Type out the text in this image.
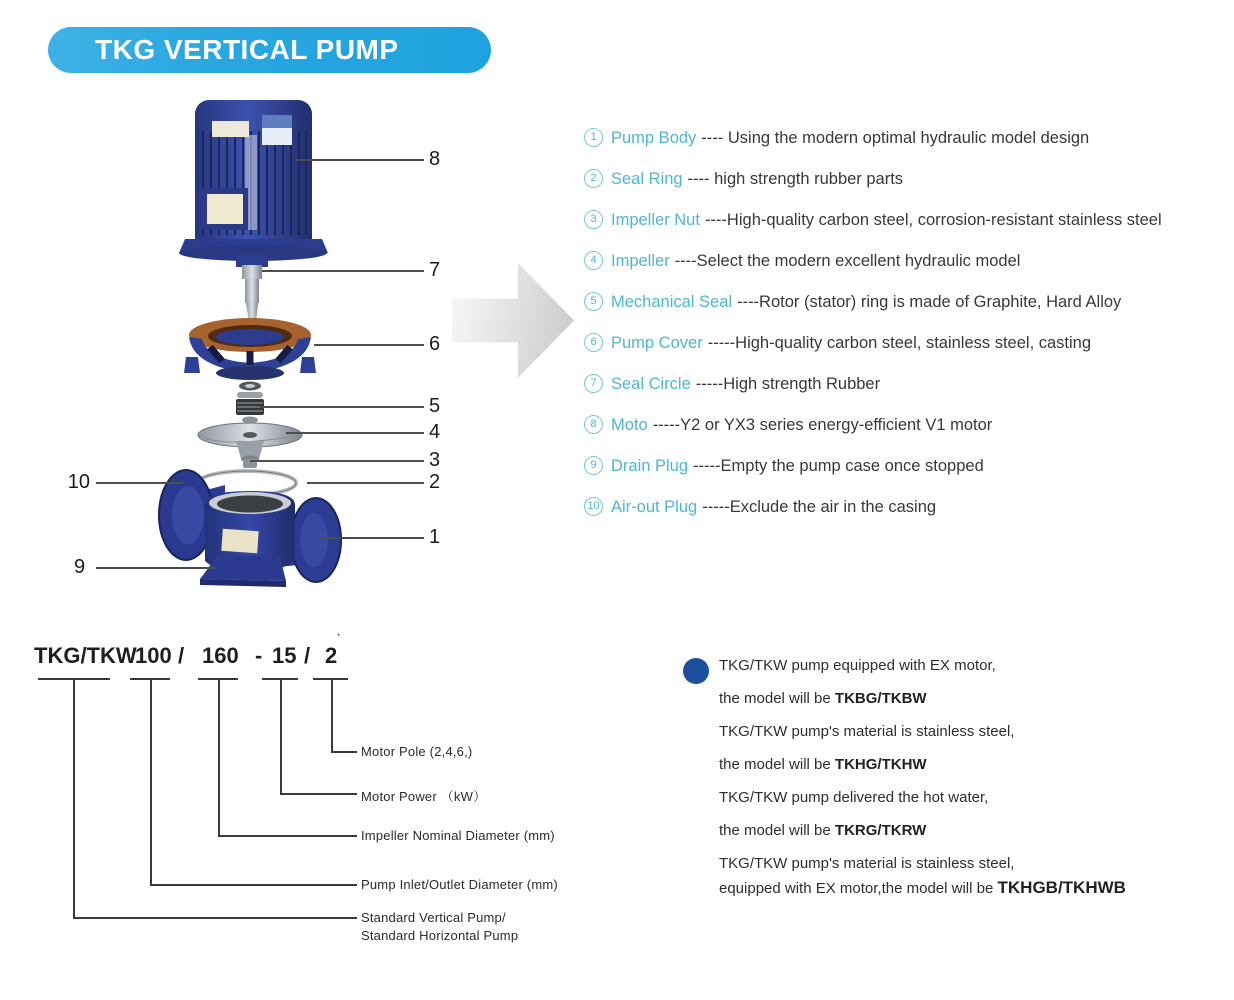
TKG VERTICAL PUMP
8
7
6
5
4
3
2
1
10
9
1 Pump Body ---- Using the modern optimal hydraulic model design
2 Seal Ring ---- high strength rubber parts
3 Impeller Nut ----High-quality carbon steel, corrosion-resistant stainless steel
4 Impeller ----Select the modern excellent hydraulic model
5 Mechanical Seal ----Rotor (stator) ring is made of Graphite, Hard Alloy
6 Pump Cover -----High-quality carbon steel, stainless steel, casting
7 Seal Circle -----High strength Rubber
8 Moto -----Y2 or YX3 series energy-efficient V1 motor
9 Drain Plug -----Empty the pump case once stopped
10 Air-out Plug -----Exclude the air in the casing
TKG/TKW
100 / 160 - 15 / 2
·
Motor Pole (2,4,6,)
Motor Power （kW）
Impeller Nominal Diameter (mm)
Pump Inlet/Outlet Diameter (mm)
Standard Vertical Pump/
Standard Horizontal Pump
TKG/TKW pump equipped with EX motor,
the model will be TKBG/TKBW
TKG/TKW pump's material is stainless steel,
the model will be TKHG/TKHW
TKG/TKW pump delivered the hot water,
the model will be TKRG/TKRW
TKG/TKW pump's material is stainless steel,
equipped with EX motor,the model will be TKHGB/TKHWB
